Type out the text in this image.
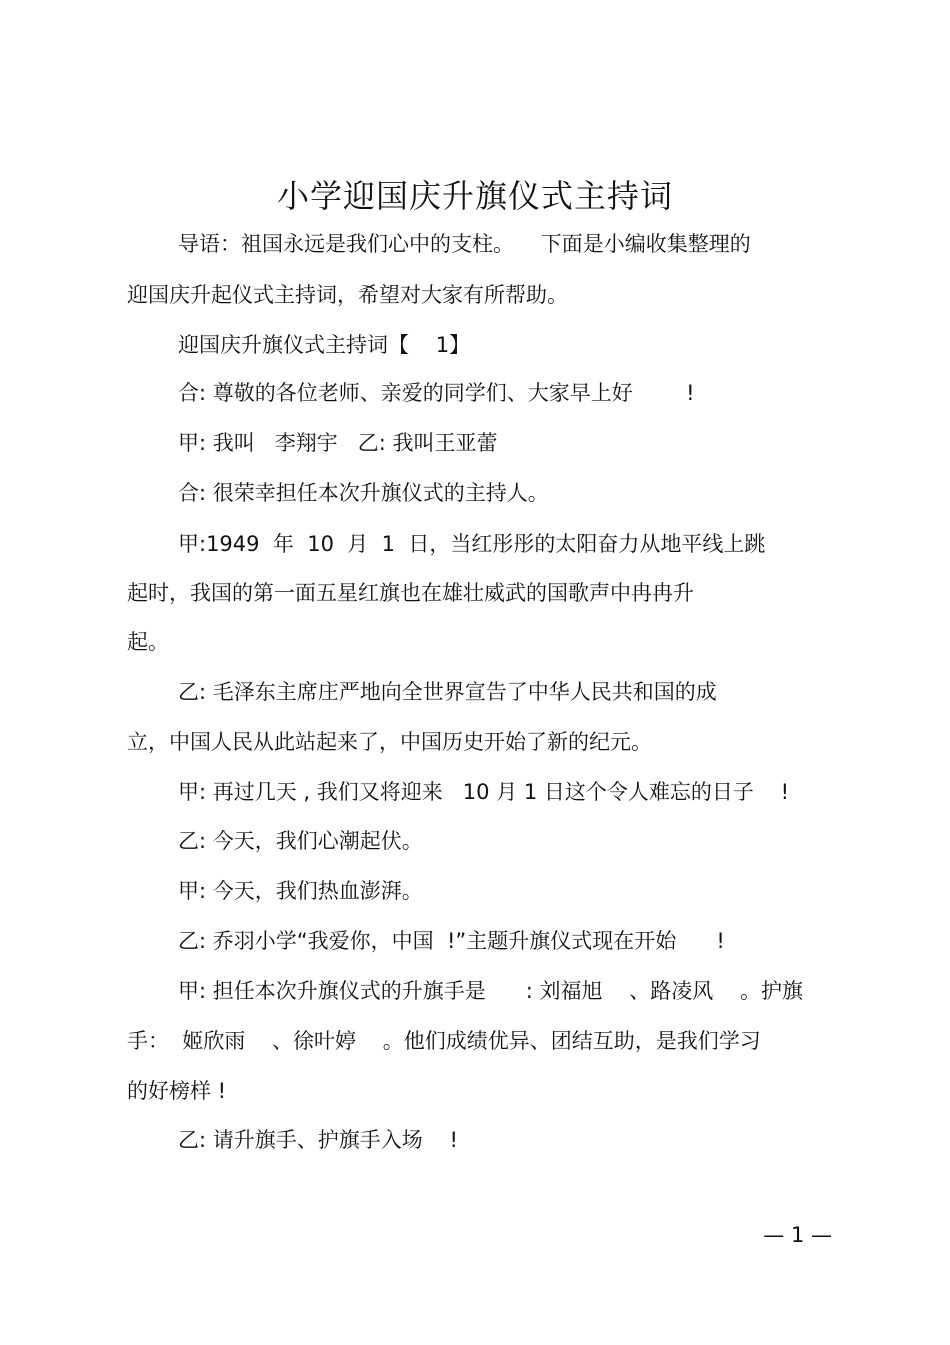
小学迎国庆升旗仪式主持词
导语：祖国永远是我们心中的支柱。    下面是小编收集整理的
迎国庆升起仪式主持词，希望对大家有所帮助。
迎国庆升旗仪式主持词【    1】
合: 尊敬的各位老师、亲爱的同学们、大家早上好        !
甲: 我叫   李翔宇   乙: 我叫王亚蕾
合: 很荣幸担任本次升旗仪式的主持人。
甲:1949  年  10  月  1  日，当红彤彤的太阳奋力从地平线上跳
起时，我国的第一面五星红旗也在雄壮威武的国歌声中冉冉升
起。
乙: 毛泽东主席庄严地向全世界宣告了中华人民共和国的成
立，中国人民从此站起来了，中国历史开始了新的纪元。
甲: 再过几天 , 我们又将迎来   10 月 1 日这个令人难忘的日子    !
乙: 今天，我们心潮起伏。
甲: 今天，我们热血澎湃。
乙: 乔羽小学“我爱你，中国  !”主题升旗仪式现在开始      !
甲: 担任本次升旗仪式的升旗手是      : 刘福旭    、路凌风    。护旗
手：  姬欣雨    、徐叶婷    。他们成绩优异、团结互助，是我们学习
的好榜样 !
乙: 请升旗手、护旗手入场    !
— 1 —
